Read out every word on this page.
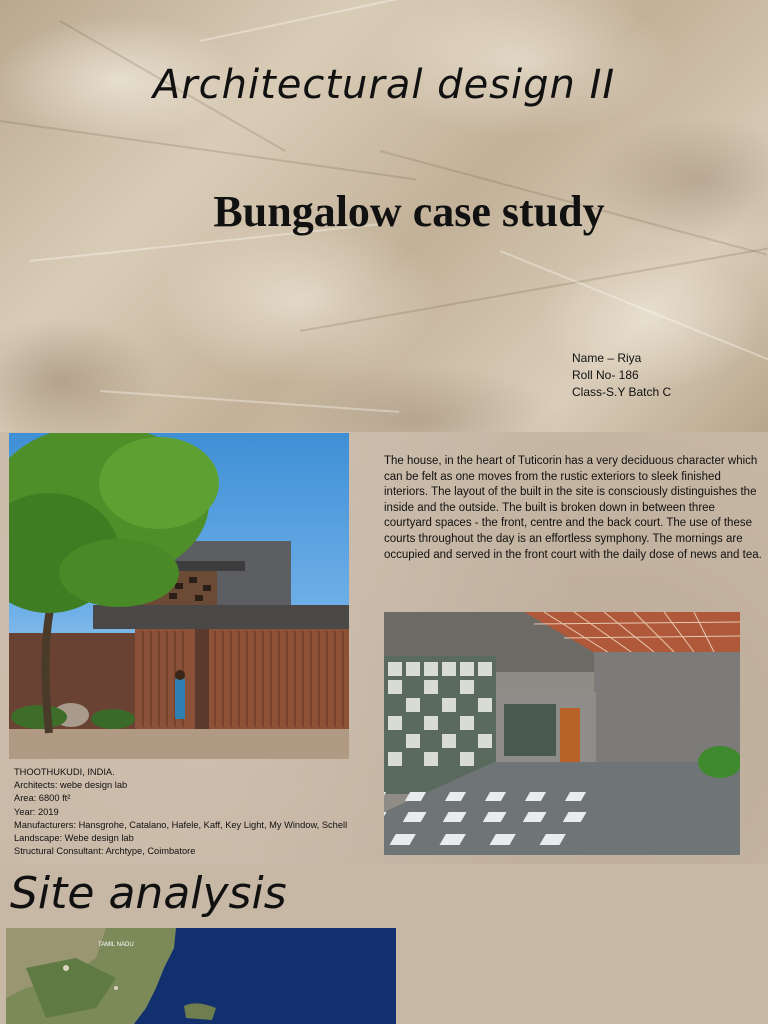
Architectural design II
Bungalow case study
Name – Riya
Roll No- 186
Class-S.Y Batch C
The house, in the heart of Tuticorin has a very deciduous character which can be felt as one moves from the rustic exteriors to sleek finished interiors. The layout of the built in the site is consciously distinguishes the inside and the outside. The built is broken down in between three courtyard spaces - the front, centre and the back court. The use of these courts throughout the day is an effortless symphony. The mornings are occupied and served in the front court with the daily dose of news and tea.
THOOTHUKUDI, INDIA.
Architects: webe design lab
Area: 6800 ft²
Year: 2019
Manufacturers: Hansgrohe, Catalano, Hafele, Kaff, Key Light, My Window, Schell
Landscape: Webe design lab
Structural Consultant: Archtype, Coimbatore
Site analysis
TAMIL NADU
